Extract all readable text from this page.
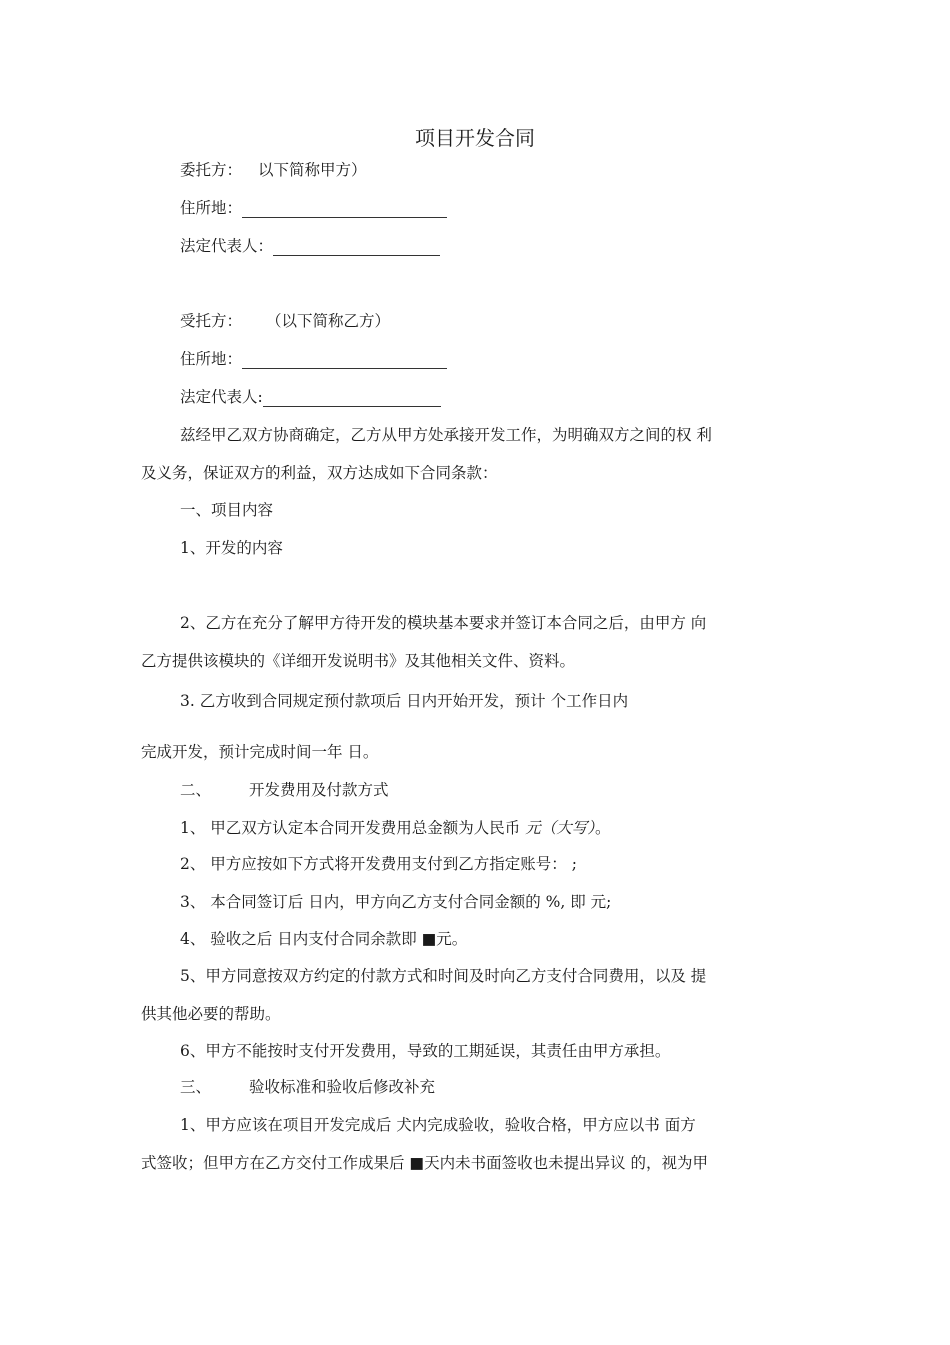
项目开发合同
委托方： 以下简称甲方）
住所地：
法定代表人：
受托方： （以下简称乙方）
住所地：
法定代表人:
兹经甲乙双方协商确定，乙方从甲方处承接开发工作，为明确双方之间的权 利
及义务，保证双方的利益，双方达成如下合同条款：
一、项目内容
1、开发的内容
2、乙方在充分了解甲方待开发的模块基本要求并签订本合同之后，由甲方 向
乙方提供该模块的《详细开发说明书》及其他相关文件、资料。
3. 乙方收到合同规定预付款项后 日内开始开发，预计 个工作日内
完成开发，预计完成时间一年 日。
二、 开发费用及付款方式
1、 甲乙双方认定本合同开发费用总金额为人民币 元（大写）。
2、 甲方应按如下方式将开发费用支付到乙方指定账号： ;
3、 本合同签订后 日内，甲方向乙方支付合同金额的 %, 即 元;
4、 验收之后 日内支付合同余款即 ■元。
5、甲方同意按双方约定的付款方式和时间及时向乙方支付合同费用，以及 提
供其他必要的帮助。
6、甲方不能按时支付开发费用，导致的工期延误，其责任由甲方承担。
三、 验收标准和验收后修改补充
1、甲方应该在项目开发完成后 犬内完成验收，验收合格，甲方应以书 面方
式签收；但甲方在乙方交付工作成果后 ■天内未书面签收也未提出异议 的，视为甲
